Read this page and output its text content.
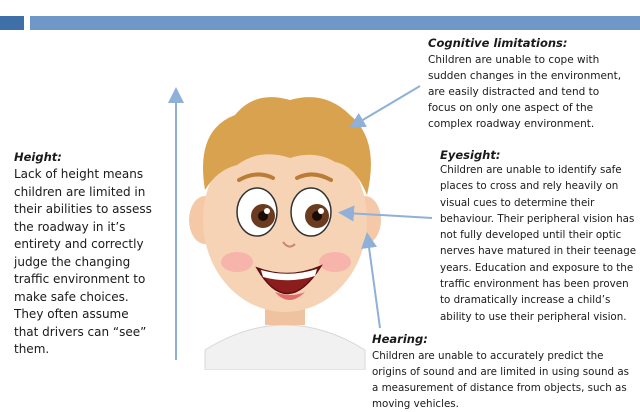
Height:
Lack of height means
children are limited in
their abilities to assess
the roadway in it’s
entirety and correctly
judge the changing
traffic environment to
make safe choices.
They often assume
that drivers can “see”
them.
Cognitive limitations:
Children are unable to cope with
sudden changes in the environment,
are easily distracted and tend to
focus on only one aspect of the
complex roadway environment.
Eyesight:
Children are unable to identify safe
places to cross and rely heavily on
visual cues to determine their
behaviour. Their peripheral vision has
not fully developed until their optic
nerves have matured in their teenage
years. Education and exposure to the
traffic environment has been proven
to dramatically increase a child’s
ability to use their peripheral vision.
Hearing:
Children are unable to accurately predict the
origins of sound and are limited in using sound as
a measurement of distance from objects, such as
moving vehicles.
